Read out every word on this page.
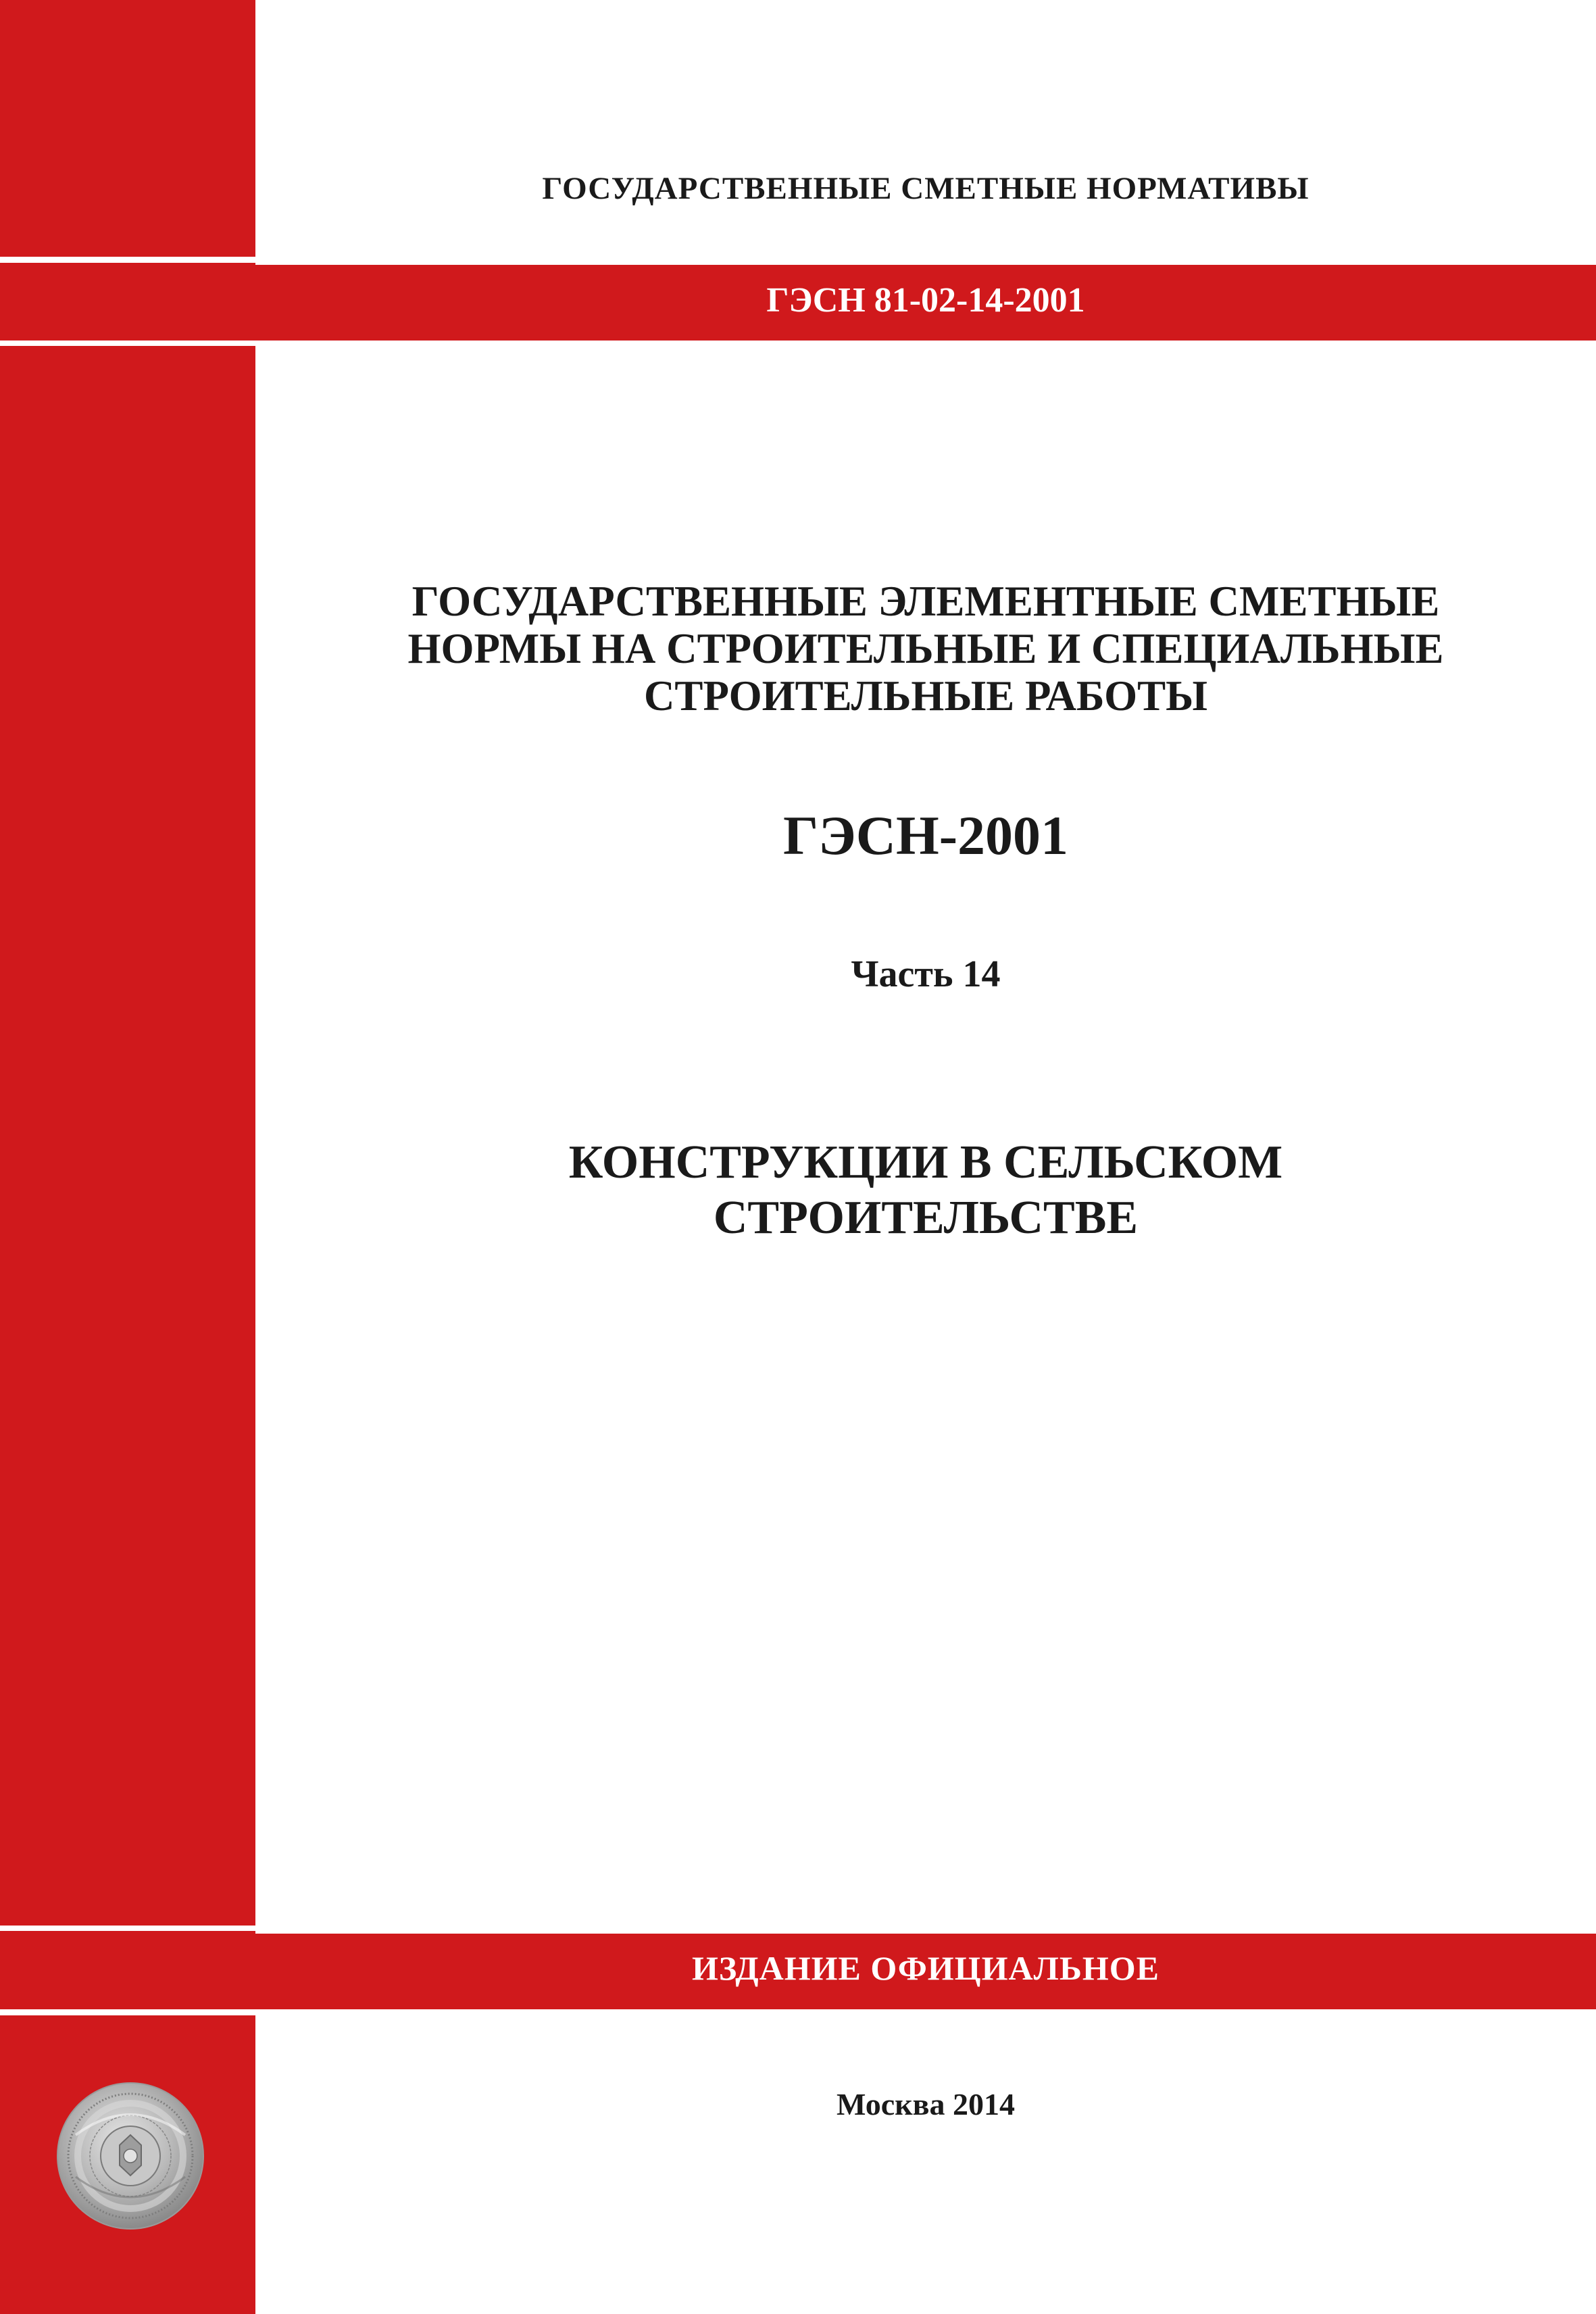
ГОСУДАРСТВЕННЫЕ СМЕТНЫЕ НОРМАТИВЫ
ГЭСН 81-02-14-2001
ГОСУДАРСТВЕННЫЕ ЭЛЕМЕНТНЫЕ СМЕТНЫЕ
НОРМЫ НА СТРОИТЕЛЬНЫЕ И СПЕЦИАЛЬНЫЕ
СТРОИТЕЛЬНЫЕ РАБОТЫ
ГЭСН-2001
Часть 14
КОНСТРУКЦИИ В СЕЛЬСКОМ
СТРОИТЕЛЬСТВЕ
ИЗДАНИЕ ОФИЦИАЛЬНОЕ
Москва 2014
